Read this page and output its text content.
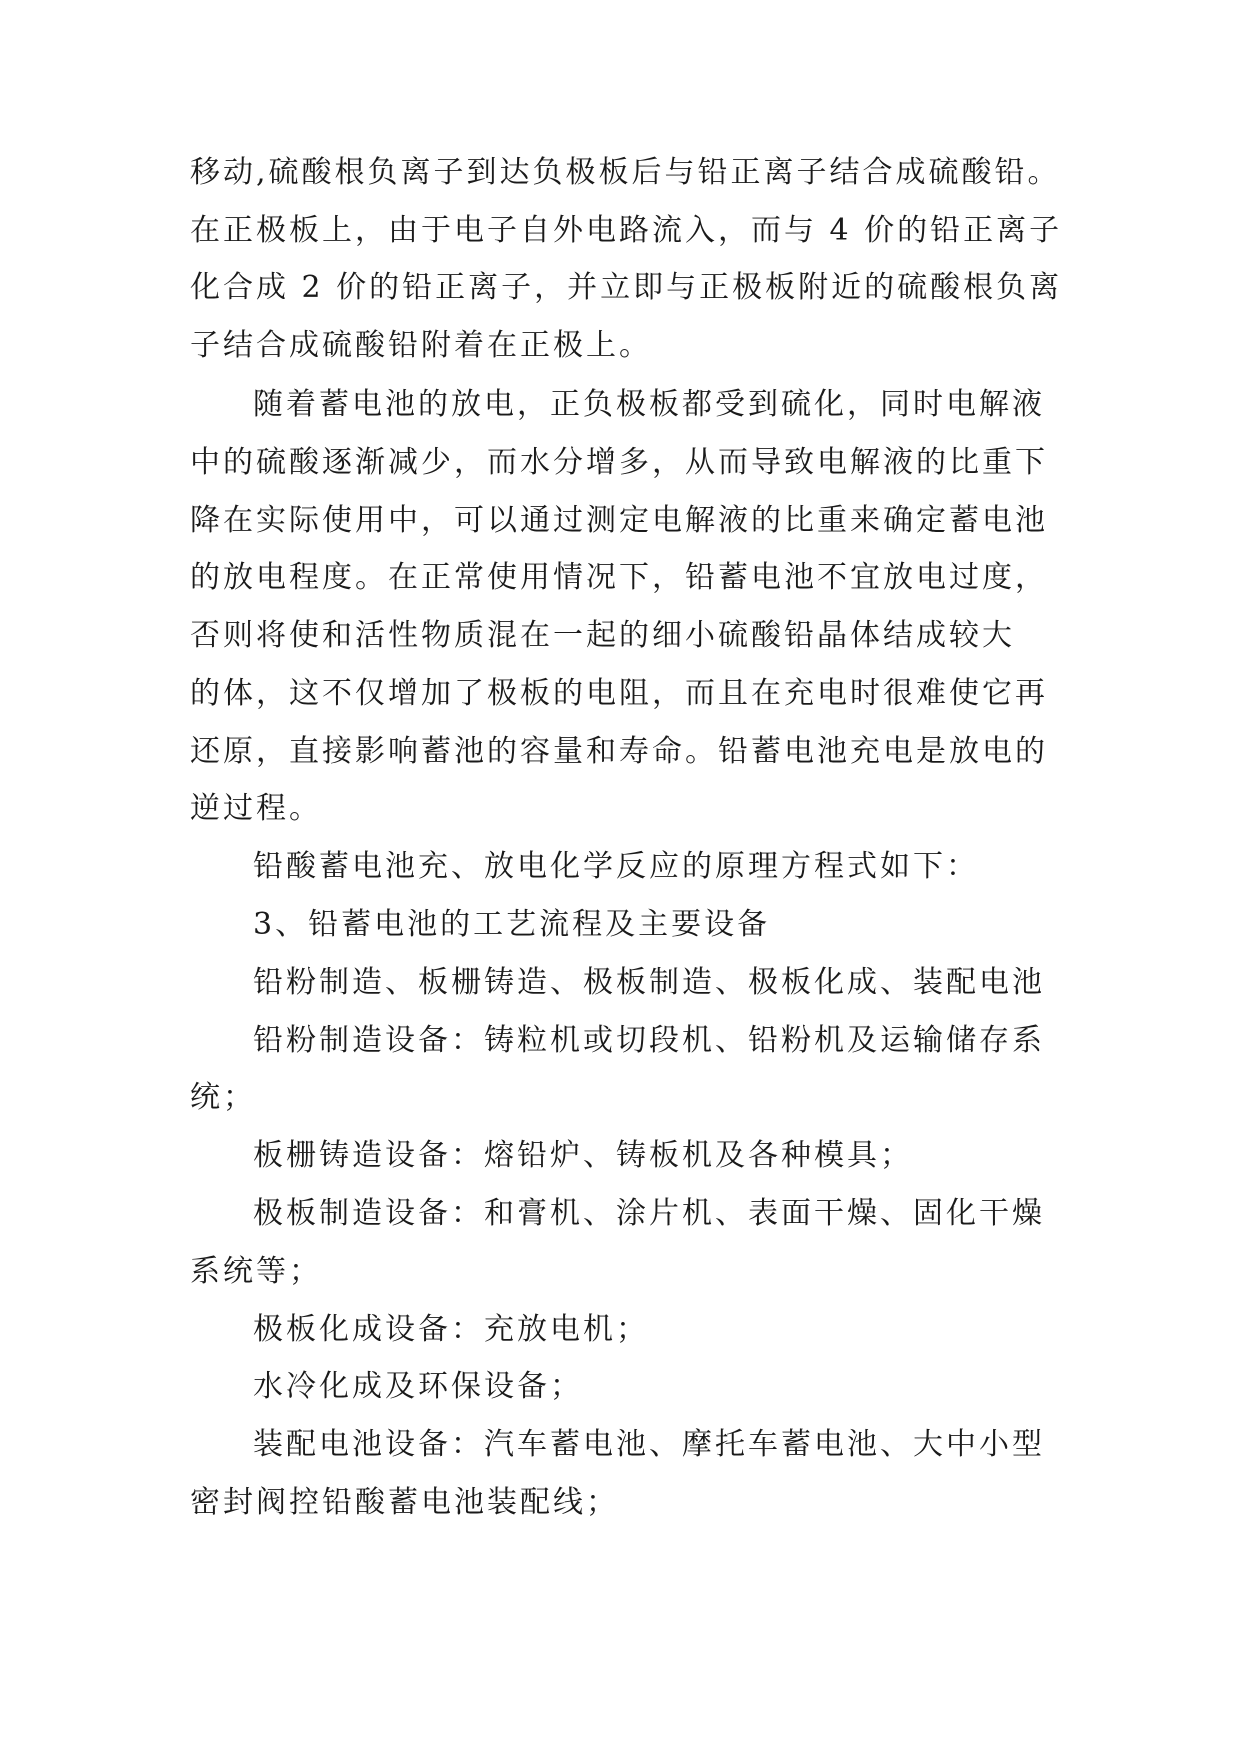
移动,硫酸根负离子到达负极板后与铅正离子结合成硫酸铅。
在正极板上，由于电子自外电路流入，而与 4 价的铅正离子
化合成 2 价的铅正离子，并立即与正极板附近的硫酸根负离
子结合成硫酸铅附着在正极上。
随着蓄电池的放电，正负极板都受到硫化，同时电解液
中的硫酸逐渐减少，而水分增多，从而导致电解液的比重下
降在实际使用中，可以通过测定电解液的比重来确定蓄电池
的放电程度。在正常使用情况下，铅蓄电池不宜放电过度，
否则将使和活性物质混在一起的细小硫酸铅晶体结成较大
的体，这不仅增加了极板的电阻，而且在充电时很难使它再
还原，直接影响蓄池的容量和寿命。铅蓄电池充电是放电的
逆过程。
铅酸蓄电池充、放电化学反应的原理方程式如下：
3、铅蓄电池的工艺流程及主要设备
铅粉制造、板栅铸造、极板制造、极板化成、装配电池
铅粉制造设备：铸粒机或切段机、铅粉机及运输储存系
统；
板栅铸造设备：熔铅炉、铸板机及各种模具；
极板制造设备：和膏机、涂片机、表面干燥、固化干燥
系统等；
极板化成设备：充放电机；
水冷化成及环保设备；
装配电池设备：汽车蓄电池、摩托车蓄电池、大中小型
密封阀控铅酸蓄电池装配线；
